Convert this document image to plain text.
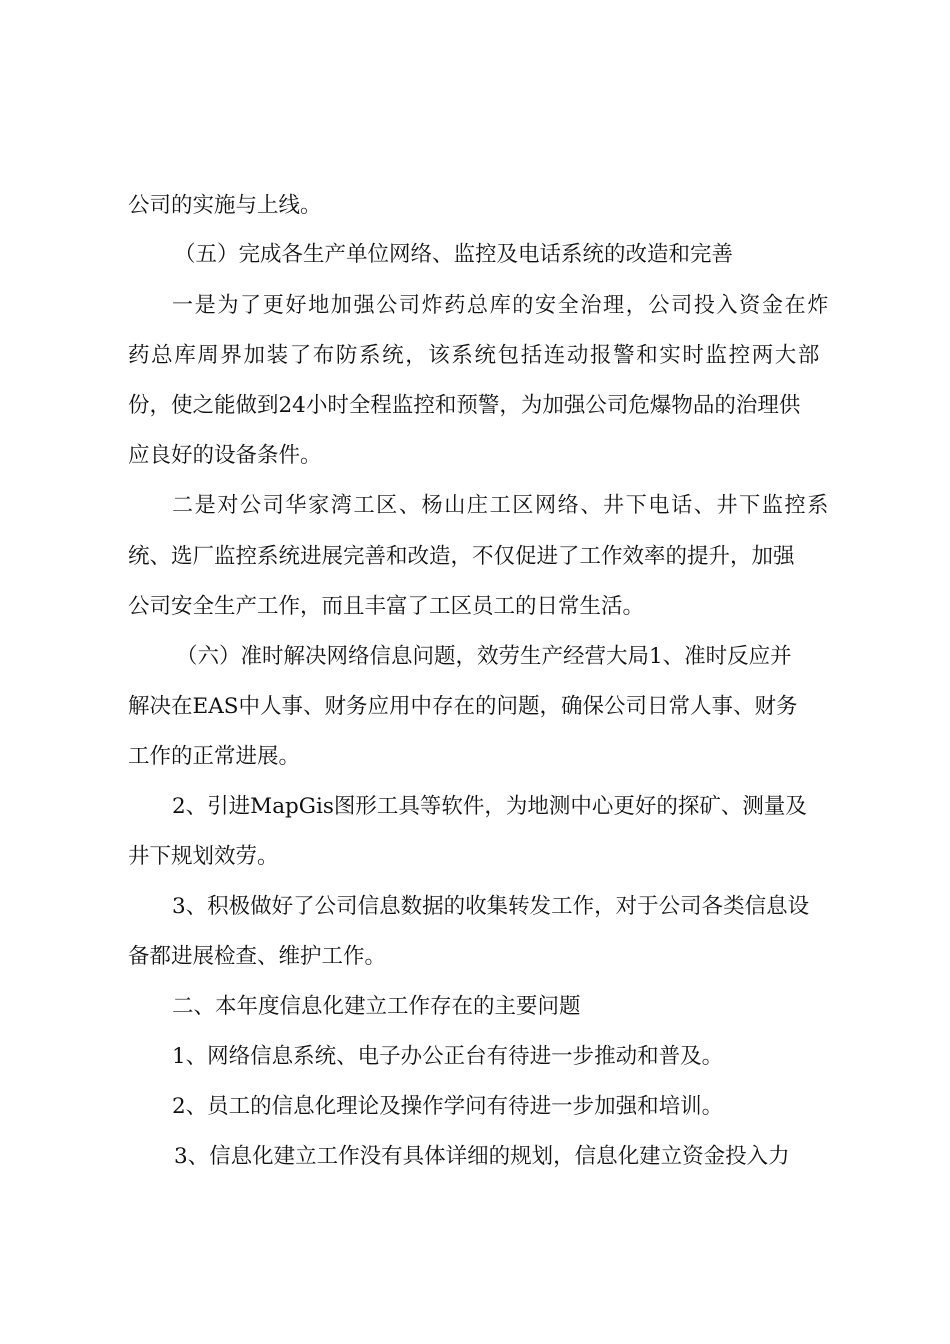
公司的实施与上线。
（五）完成各生产单位网络、监控及电话系统的改造和完善
一是为了更好地加强公司炸药总库的安全治理，公司投入资金在炸
药总库周界加装了布防系统，该系统包括连动报警和实时监控两大部
份，使之能做到24小时全程监控和预警，为加强公司危爆物品的治理供
应良好的设备条件。
二是对公司华家湾工区、杨山庄工区网络、井下电话、井下监控系
统、选厂监控系统进展完善和改造，不仅促进了工作效率的提升，加强
公司安全生产工作，而且丰富了工区员工的日常生活。
（六）准时解决网络信息问题，效劳生产经营大局1、准时反应并
解决在EAS中人事、财务应用中存在的问题，确保公司日常人事、财务
工作的正常进展。
2、引进MapGis图形工具等软件，为地测中心更好的探矿、测量及
井下规划效劳。
3、积极做好了公司信息数据的收集转发工作，对于公司各类信息设
备都进展检查、维护工作。
二、本年度信息化建立工作存在的主要问题
1、网络信息系统、电子办公正台有待进一步推动和普及。
2、员工的信息化理论及操作学问有待进一步加强和培训。
3、信息化建立工作没有具体详细的规划，信息化建立资金投入力
